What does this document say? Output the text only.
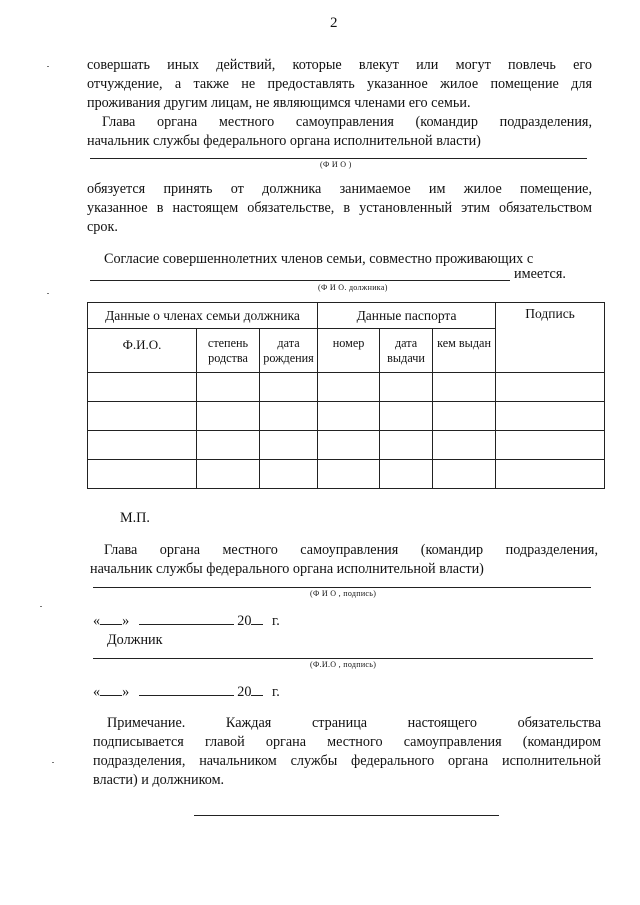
2
совершать иных действий, которые влекут или могут повлечь его
отчуждение, а также не предоставлять указанное жилое помещение для
проживания другим лицам, не являющимся членами его семьи.
Глава органа местного самоуправления (командир подразделения,
начальник службы федерального органа исполнительной власти)
(Ф И О )
обязуется принять от должника занимаемое им жилое помещение,
указанное в настоящем обязательстве, в установленный этим обязательством
срок.
Согласие совершеннолетних членов семьи, совместно проживающих с
имеется.
(Ф И О. должника)
Данные о членах семьи должника			Данные паспорта			Подпись
Ф.И.О.	степень родства	дата рождения	номер	дата выдачи	кем выдан	

М.П.
Глава органа местного самоуправления (командир подразделения,
начальник службы федерального органа исполнительной власти)
(Ф И О , подпись)
« »	20 г.
Должник
(Ф.И.О , подпись)
« »	20 г.
Примечание. Каждая страница настоящего обязательства
подписывается главой органа местного самоуправления (командиром
подразделения, начальником службы федерального органа исполнительной
власти) и должником.
